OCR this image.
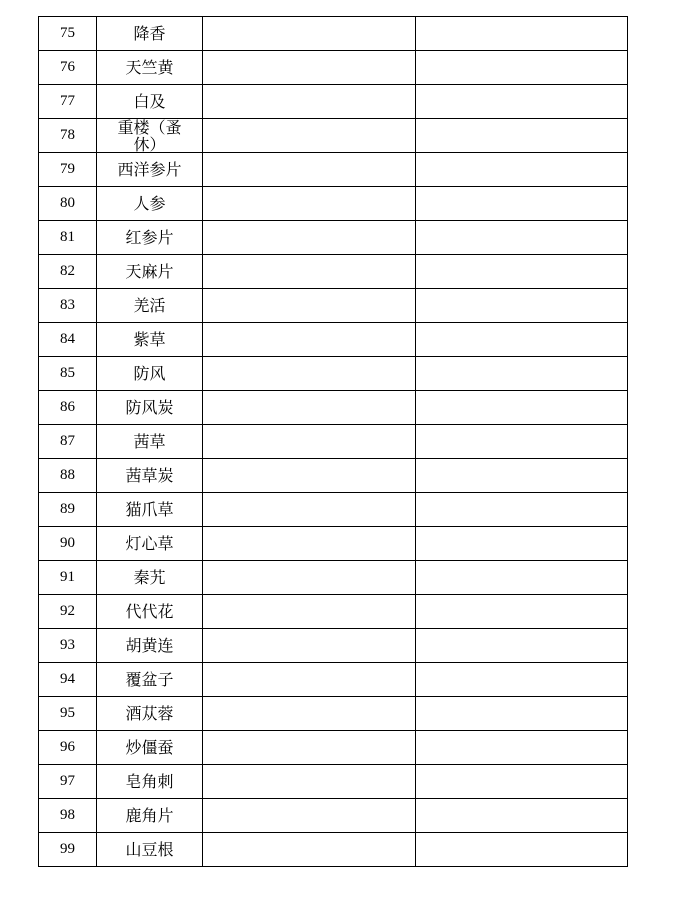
75	降香		

76	天竺黄		

77	白及		

78	重楼（蚤休）		

79	西洋参片		

80	人参		

81	红参片		

82	天麻片		

83	羌活		

84	紫草		

85	防风		

86	防风炭		

87	茜草		

88	茜草炭		

89	猫爪草		

90	灯心草		

91	秦艽		

92	代代花		

93	胡黄连		

94	覆盆子		

95	酒苁蓉		

96	炒僵蚕		

97	皂角刺		

98	鹿角片		

99	山豆根		
